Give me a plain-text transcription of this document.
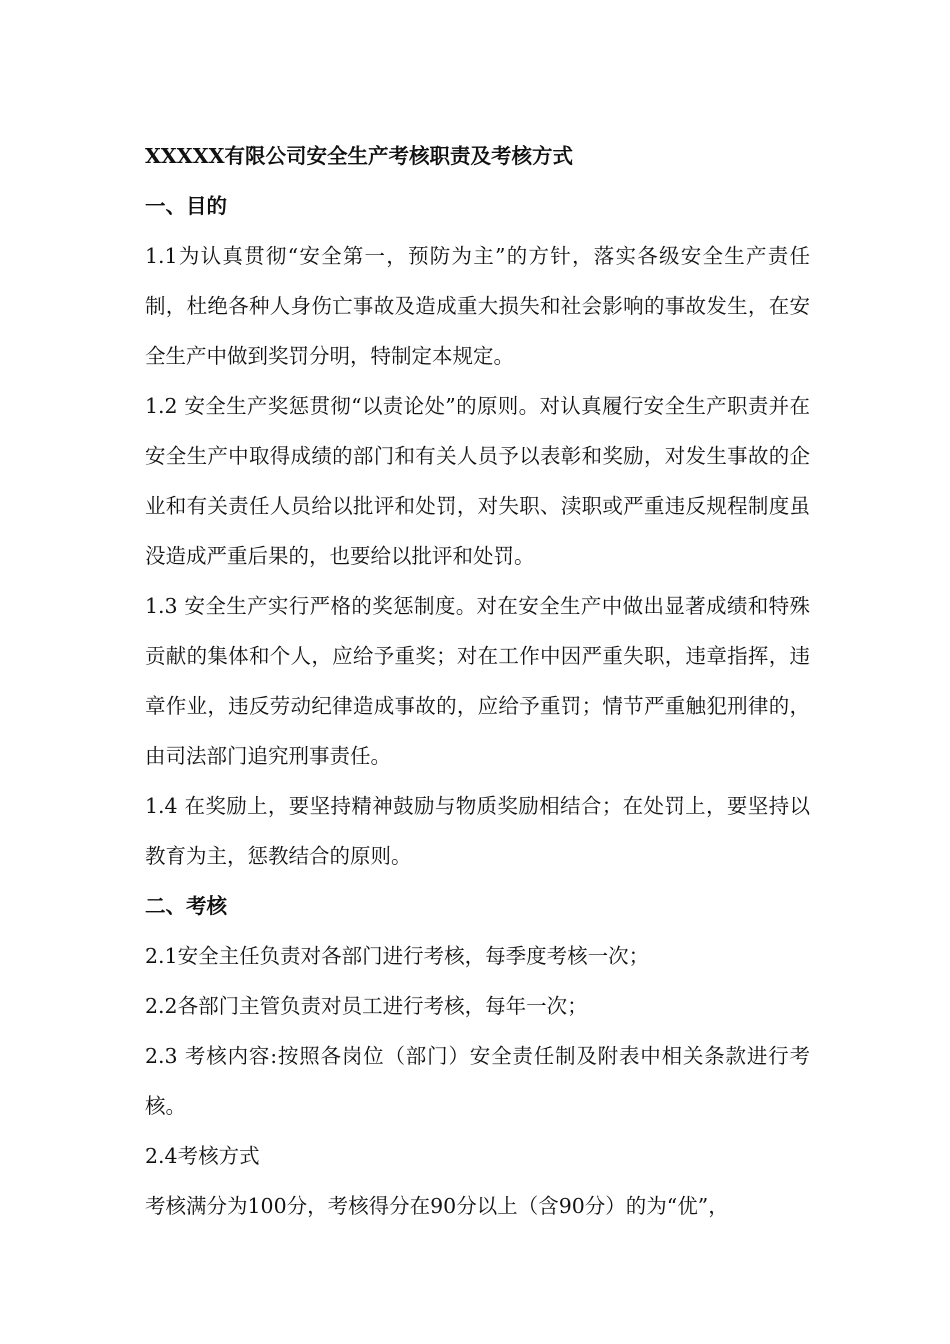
XXXXX有限公司安全生产考核职责及考核方式

一、目的

1.1为认真贯彻“安全第一，预防为主”的方针，落实各级安全生产责任制，杜绝各种人身伤亡事故及造成重大损失和社会影响的事故发生，在安全生产中做到奖罚分明，特制定本规定。

1.2 安全生产奖惩贯彻“以责论处”的原则。对认真履行安全生产职责并在安全生产中取得成绩的部门和有关人员予以表彰和奖励，对发生事故的企业和有关责任人员给以批评和处罚，对失职、渎职或严重违反规程制度虽没造成严重后果的，也要给以批评和处罚。

1.3 安全生产实行严格的奖惩制度。对在安全生产中做出显著成绩和特殊贡献的集体和个人，应给予重奖；对在工作中因严重失职，违章指挥，违章作业，违反劳动纪律造成事故的，应给予重罚；情节严重触犯刑律的，由司法部门追究刑事责任。

1.4 在奖励上，要坚持精神鼓励与物质奖励相结合；在处罚上，要坚持以教育为主，惩教结合的原则。

二、考核

2.1安全主任负责对各部门进行考核，每季度考核一次；

2.2各部门主管负责对员工进行考核，每年一次；

2.3 考核内容:按照各岗位（部门）安全责任制及附表中相关条款进行考核。

2.4考核方式

考核满分为100分，考核得分在90分以上（含90分）的为“优”，
